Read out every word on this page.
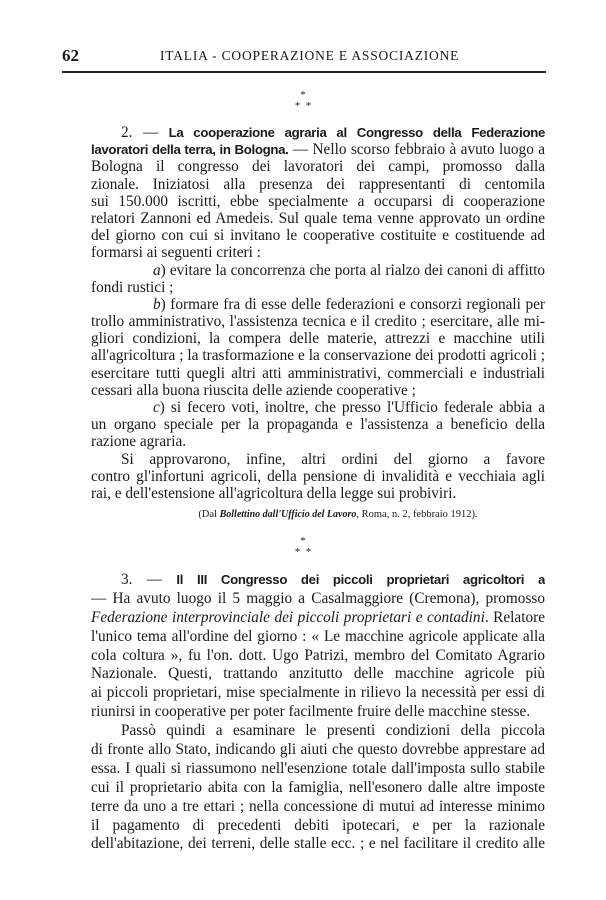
62	ITALIA - COOPERAZIONE E ASSOCIAZIONE
*
*  *
2. — La cooperazione agraria al Congresso della Federazione
lavoratori della terra, in Bologna. — Nello scorso febbraio à avuto luogo a
Bologna il congresso dei lavoratori dei campi, promosso dalla
zionale. Iniziatosi alla presenza dei rappresentanti di centomila
sui 150.000 iscritti, ebbe specialmente a occuparsi di cooperazione
relatori Zannoni ed Amedeis. Sul quale tema venne approvato un ordine
del giorno con cui si invitano le cooperative costituite e costituende ad
formarsi ai seguenti criteri :
a) evitare la concorrenza che porta al rialzo dei canoni di affitto
fondi rustici ;
b) formare fra di esse delle federazioni e consorzi regionali per
trollo amministrativo, l'assistenza tecnica e il credito ; esercitare, alle mi-
gliori condizioni, la compera delle materie, attrezzi e macchine utili
all'agricoltura ; la trasformazione e la conservazione dei prodotti agricoli ;
esercitare tutti quegli altri atti amministrativi, commerciali e industriali
cessari alla buona riuscita delle aziende cooperative ;
c) si fecero voti, inoltre, che presso l'Ufficio federale abbia a
un organo speciale per la propaganda e l'assistenza a beneficio della
razione agraria.
Si approvarono, infine, altri ordini del giorno a favore
contro gl'infortuni agricoli, della pensione di invalidità e vecchiaia agli
rai, e dell'estensione all'agricoltura della legge sui probiviri.
(Dal Bollettino dall'Ufficio del Lavoro, Roma, n. 2, febbraio 1912).
*
*  *
3. — Il III Congresso dei piccoli proprietari agricoltori a
— Ha avuto luogo il 5 maggio a Casalmaggiore (Cremona), promosso
Federazione interprovinciale dei piccoli proprietari e contadini. Relatore
l'unico tema all'ordine del giorno : « Le macchine agricole applicate alla
cola coltura », fu l'on. dott. Ugo Patrizi, membro del Comitato Agrario
Nazionale. Questi, trattando anzitutto delle macchine agricole più
ai piccoli proprietari, mise specialmente in rilievo la necessità per essi di
riunirsi in cooperative per poter facilmente fruire delle macchine stesse.
Passò quindi a esaminare le presenti condizioni della piccola
di fronte allo Stato, indicando gli aiuti che questo dovrebbe apprestare ad
essa. I quali si riassumono nell'esenzione totale dall'imposta sullo stabile
cui il proprietario abita con la famiglia, nell'esonero dalle altre imposte
terre da uno a tre ettari ; nella concessione di mutui ad interesse minimo
il pagamento di precedenti debiti ipotecari, e per la razionale
dell'abitazione, dei terreni, delle stalle ecc. ; e nel facilitare il credito alle
